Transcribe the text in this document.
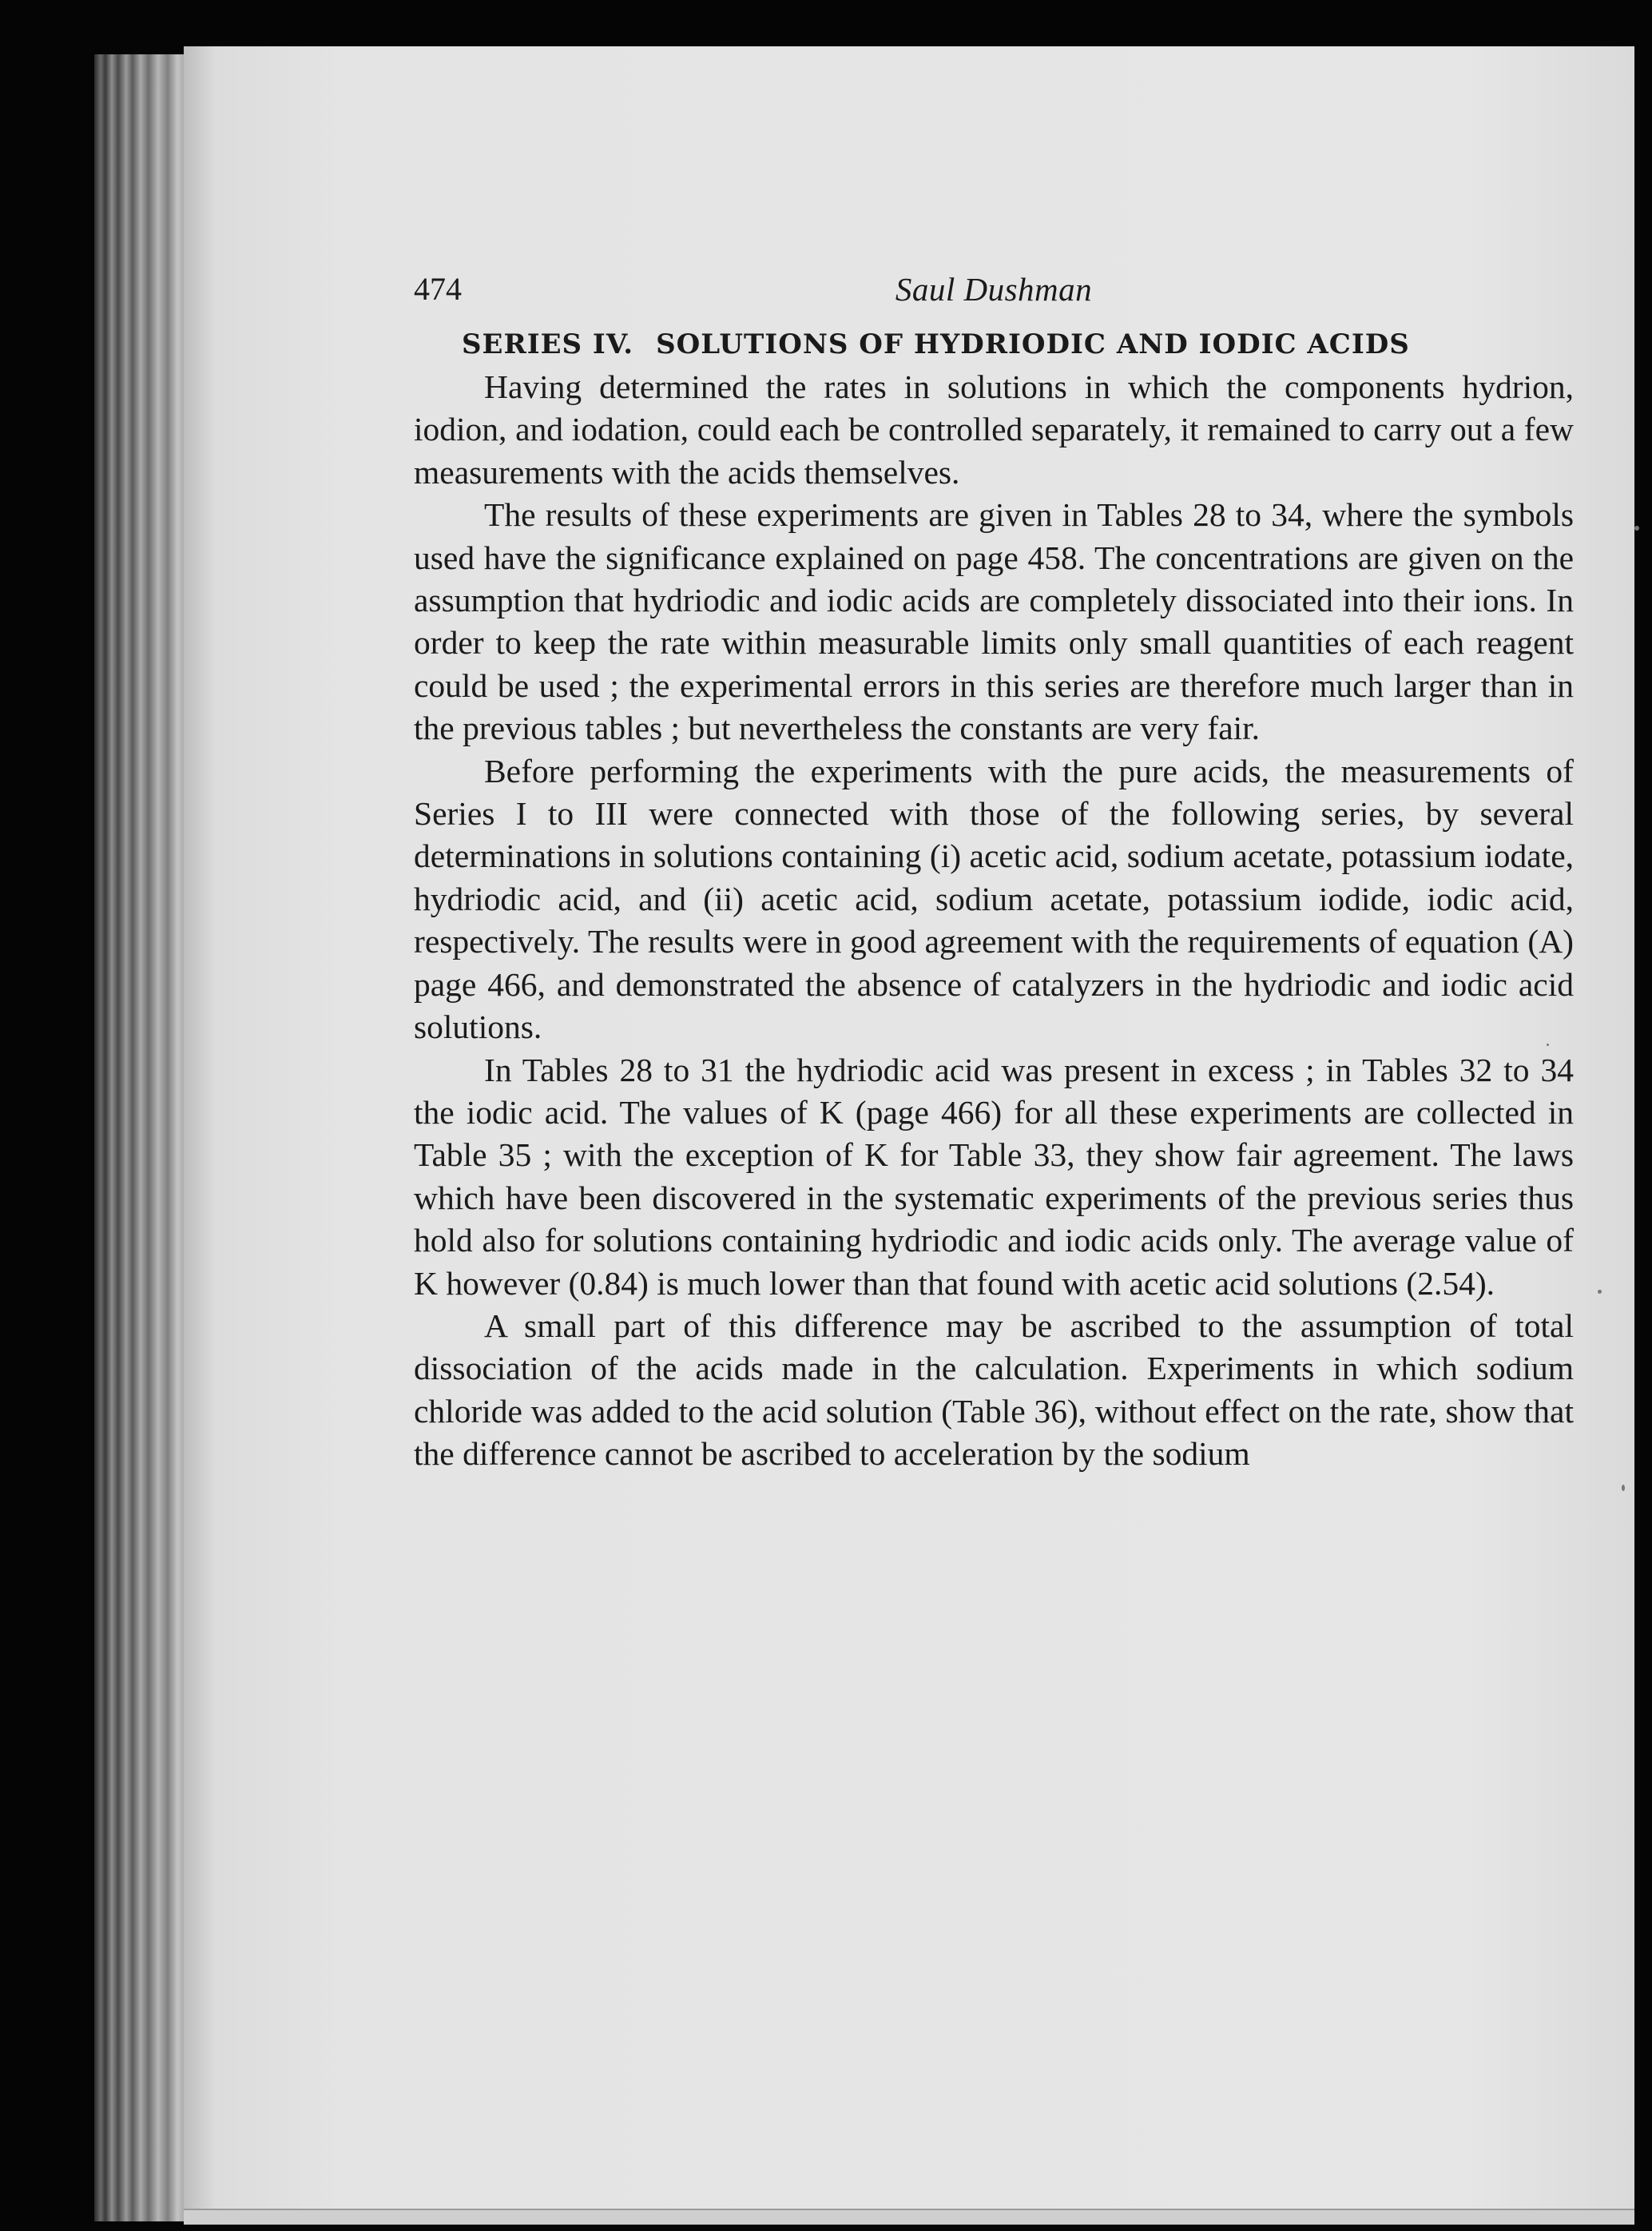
474	Saul Dushman
SERIES IV. SOLUTIONS OF HYDRIODIC AND IODIC ACIDS

Having determined the rates in solutions in which the components hydrion, iodion, and iodation, could each be controlled separately, it remained to carry out a few measurements with the acids themselves.

The results of these experiments are given in Tables 28 to 34, where the symbols used have the significance explained on page 458. The concentrations are given on the assumption that hydriodic and iodic acids are completely dissociated into their ions. In order to keep the rate within measurable limits only small quantities of each reagent could be used ; the experimental errors in this series are therefore much larger than in the previous tables ; but nevertheless the constants are very fair.

Before performing the experiments with the pure acids, the measurements of Series I to III were connected with those of the following series, by several determinations in solutions containing (i) acetic acid, sodium acetate, potassium iodate, hydriodic acid, and (ii) acetic acid, sodium acetate, potassium iodide, iodic acid, respectively. The results were in good agreement with the requirements of equation (A) page 466, and demonstrated the absence of catalyzers in the hydriodic and iodic acid solutions.

In Tables 28 to 31 the hydriodic acid was present in excess ; in Tables 32 to 34 the iodic acid. The values of K (page 466) for all these experiments are collected in Table 35 ; with the exception of K for Table 33, they show fair agreement. The laws which have been discovered in the systematic experiments of the previous series thus hold also for solutions containing hydriodic and iodic acids only. The average value of K however (0.84) is much lower than that found with acetic acid solutions (2.54).

A small part of this difference may be ascribed to the assumption of total dissociation of the acids made in the calculation. Experiments in which sodium chloride was added to the acid solution (Table 36), without effect on the rate, show that the difference cannot be ascribed to acceleration by the sodium
